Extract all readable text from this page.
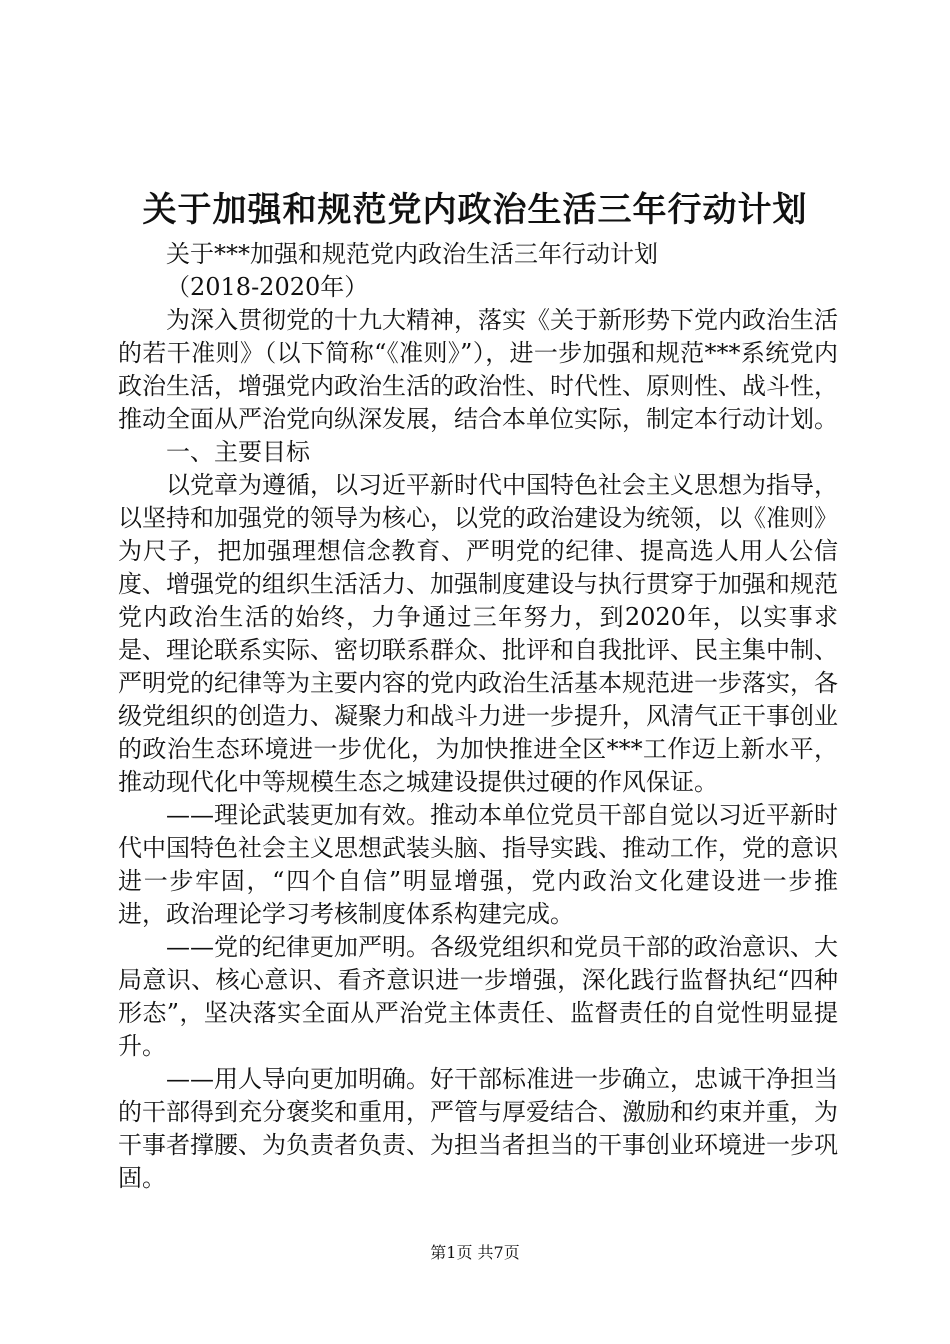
关于加强和规范党内政治生活三年行动计划

关于***加强和规范党内政治生活三年行动计划

（2018-2020年）

为深入贯彻党的十九大精神，落实《关于新形势下党内政治生活的若干准则》（以下简称“《准则》”），进一步加强和规范***系统党内政治生活，增强党内政治生活的政治性、时代性、原则性、战斗性，推动全面从严治党向纵深发展，结合本单位实际，制定本行动计划。

一、主要目标

以党章为遵循，以习近平新时代中国特色社会主义思想为指导，以坚持和加强党的领导为核心，以党的政治建设为统领，以《准则》为尺子，把加强理想信念教育、严明党的纪律、提高选人用人公信度、增强党的组织生活活力、加强制度建设与执行贯穿于加强和规范党内政治生活的始终，力争通过三年努力，到2020年，以实事求是、理论联系实际、密切联系群众、批评和自我批评、民主集中制、严明党的纪律等为主要内容的党内政治生活基本规范进一步落实，各级党组织的创造力、凝聚力和战斗力进一步提升，风清气正干事创业的政治生态环境进一步优化，为加快推进全区***工作迈上新水平，推动现代化中等规模生态之城建设提供过硬的作风保证。

——理论武装更加有效。推动本单位党员干部自觉以习近平新时代中国特色社会主义思想武装头脑、指导实践、推动工作，党的意识进一步牢固，“四个自信”明显增强，党内政治文化建设进一步推进，政治理论学习考核制度体系构建完成。

——党的纪律更加严明。各级党组织和党员干部的政治意识、大局意识、核心意识、看齐意识进一步增强，深化践行监督执纪“四种形态”，坚决落实全面从严治党主体责任、监督责任的自觉性明显提升。

——用人导向更加明确。好干部标准进一步确立，忠诚干净担当的干部得到充分褒奖和重用，严管与厚爱结合、激励和约束并重，为干事者撑腰、为负责者负责、为担当者担当的干事创业环境进一步巩固。

第1页 共7页
